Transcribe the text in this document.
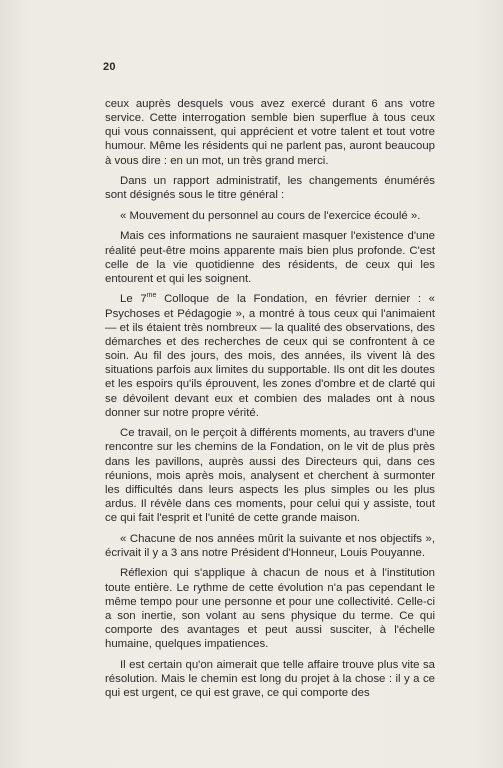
20

ceux auprès desquels vous avez exercé durant 6 ans votre service. Cette interrogation semble bien superflue à tous ceux qui vous connaissent, qui apprécient et votre talent et tout votre humour. Même les résidents qui ne parlent pas, auront beaucoup à vous dire : en un mot, un très grand merci.

Dans un rapport administratif, les changements énumérés sont désignés sous le titre général :

« Mouvement du personnel au cours de l'exercice écoulé ».

Mais ces informations ne sauraient masquer l'existence d'une réalité peut-être moins apparente mais bien plus profonde. C'est celle de la vie quotidienne des résidents, de ceux qui les entourent et qui les soignent.

Le $7^{me}$ Colloque de la Fondation, en février dernier : « Psychoses et Pédagogie », a montré à tous ceux qui l'animaient — et ils étaient très nombreux — la qualité des observations, des démarches et des recherches de ceux qui se confrontent à ce soin. Au fil des jours, des mois, des années, ils vivent là des situations parfois aux limites du supportable. Ils ont dit les doutes et les espoirs qu'ils éprouvent, les zones d'ombre et de clarté qui se dévoilent devant eux et combien des malades ont à nous donner sur notre propre vérité.

Ce travail, on le perçoit à différents moments, au travers d'une rencontre sur les chemins de la Fondation, on le vit de plus près dans les pavillons, auprès aussi des Directeurs qui, dans ces réunions, mois après mois, analysent et cherchent à surmonter les difficultés dans leurs aspects les plus simples ou les plus ardus. Il révèle dans ces moments, pour celui qui y assiste, tout ce qui fait l'esprit et l'unité de cette grande maison.

« Chacune de nos années mûrit la suivante et nos objectifs », écrivait il y a 3 ans notre Président d'Honneur, Louis Pouyanne.

Réflexion qui s'applique à chacun de nous et à l'institution toute entière. Le rythme de cette évolution n'a pas cependant le même tempo pour une personne et pour une collectivité. Celle-ci a son inertie, son volant au sens physique du terme. Ce qui comporte des avantages et peut aussi susciter, à l'échelle humaine, quelques impatiences.

Il est certain qu'on aimerait que telle affaire trouve plus vite sa résolution. Mais le chemin est long du projet à la chose : il y a ce qui est urgent, ce qui est grave, ce qui comporte des
